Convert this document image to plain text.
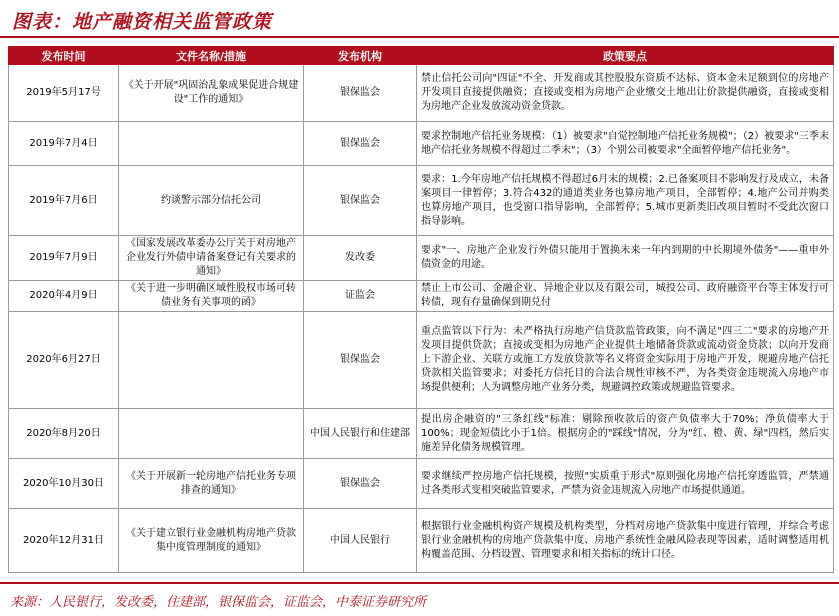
图表：地产融资相关监管政策
发布时间	文件名称/措施	发布机构	政策要点
2019年5月17号	《关于开展"巩固治乱象成果促进合规建设"工作的通知》	银保监会	禁止信托公司向"四证"不全、开发商或其控股股东资质不达标、资本金未足额到位的房地产开发项目直接提供融资；直接或变相为房地产企业缴交土地出让价款提供融资，直接或变相为房地产企业发放流动资金贷款。
2019年7月4日		银保监会	要求控制地产信托业务规模：（1）被要求"自觉控制地产信托业务规模"；（2）被要求"三季末地产信托业务规模不得超过二季末"；（3）个别公司被要求"全面暂停地产信托业务"。
2019年7月6日	约谈警示部分信托公司	银保监会	要求：1.今年房地产信托规模不得超过6月末的规模；2.已备案项目不影响发行及成立，未备案项目一律暂停；3.符合432的通道类业务也算房地产项目，全部暂停；4.地产公司并购类也算房地产项目，也受窗口指导影响，全部暂停；5.城市更新类旧改项目暂时不受此次窗口指导影响。
2019年7月9日	《国家发展改革委办公厅关于对房地产企业发行外债申请备案登记有关要求的通知》	发改委	要求"一、房地产企业发行外债只能用于置换未来一年内到期的中长期境外债务"——重申外债资金的用途。
2020年4月9日	《关于进一步明确区域性股权市场可转债业务有关事项的函》	证监会	禁止上市公司、金融企业、异地企业以及有限公司，城投公司、政府融资平台等主体发行可转债，现有存量确保到期兑付
2020年6月27日		银保监会	重点监管以下行为：未严格执行房地产信贷款监管政策，向不满足"四三二"要求的房地产开发项目提供贷款；直接或变相为房地产企业提供土地储备贷款或流动资金贷款；以向开发商上下游企业、关联方或施工方发放贷款等名义将资金实际用于房地产开发，规避房地产信托贷款相关监管要求；对委托方信托目的合法合规性审核不严，为各类资金违规流入房地产市场提供便利；人为调整房地产业务分类，规避调控政策或规避监管要求。
2020年8月20日		中国人民银行和住建部	提出房企融资的"三条红线"标准：剔除预收款后的资产负债率大于70%；净负债率大于100%；现金短债比小于1倍。根据房企的"踩线"情况，分为"红、橙、黄、绿"四档，然后实施差异化债务规模管理。
2020年10月30日	《关于开展新一轮房地产信托业务专项排查的通知》	银保监会	要求继续严控房地产信托规模，按照"实质重于形式"原则强化房地产信托穿透监管，严禁通过各类形式变相突破监管要求，严禁为资金违规流入房地产市场提供通道。
2020年12月31日	《关于建立银行业金融机构房地产贷款集中度管理制度的通知》	中国人民银行	根据银行业金融机构资产规模及机构类型，分档对房地产贷款集中度进行管理，并综合考虑银行业金融机构的房地产贷款集中度、房地产系统性金融风险表现等因素，适时调整适用机构覆盖范围、分档设置、管理要求和相关指标的统计口径。
来源：人民银行，发改委，住建部，银保监会，证监会，中泰证券研究所
